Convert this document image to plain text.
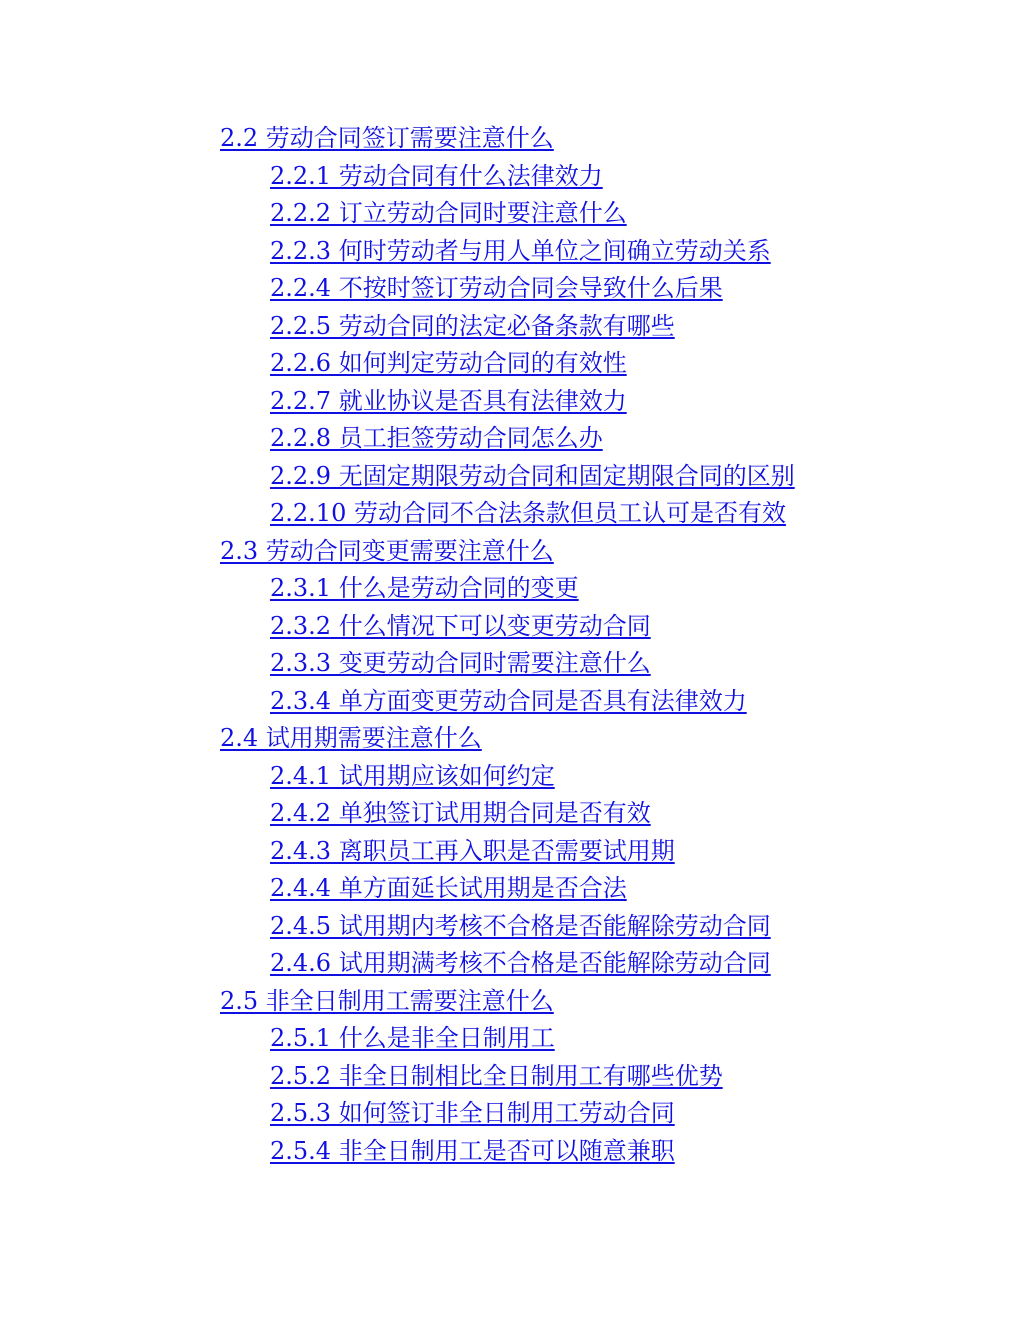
2.2 劳动合同签订需要注意什么
2.2.1 劳动合同有什么法律效力
2.2.2 订立劳动合同时要注意什么
2.2.3 何时劳动者与用人单位之间确立劳动关系
2.2.4 不按时签订劳动合同会导致什么后果
2.2.5 劳动合同的法定必备条款有哪些
2.2.6 如何判定劳动合同的有效性
2.2.7 就业协议是否具有法律效力
2.2.8 员工拒签劳动合同怎么办
2.2.9 无固定期限劳动合同和固定期限合同的区别
2.2.10 劳动合同不合法条款但员工认可是否有效
2.3 劳动合同变更需要注意什么
2.3.1 什么是劳动合同的变更
2.3.2 什么情况下可以变更劳动合同
2.3.3 变更劳动合同时需要注意什么
2.3.4 单方面变更劳动合同是否具有法律效力
2.4 试用期需要注意什么
2.4.1 试用期应该如何约定
2.4.2 单独签订试用期合同是否有效
2.4.3 离职员工再入职是否需要试用期
2.4.4 单方面延长试用期是否合法
2.4.5 试用期内考核不合格是否能解除劳动合同
2.4.6 试用期满考核不合格是否能解除劳动合同
2.5 非全日制用工需要注意什么
2.5.1 什么是非全日制用工
2.5.2 非全日制相比全日制用工有哪些优势
2.5.3 如何签订非全日制用工劳动合同
2.5.4 非全日制用工是否可以随意兼职
